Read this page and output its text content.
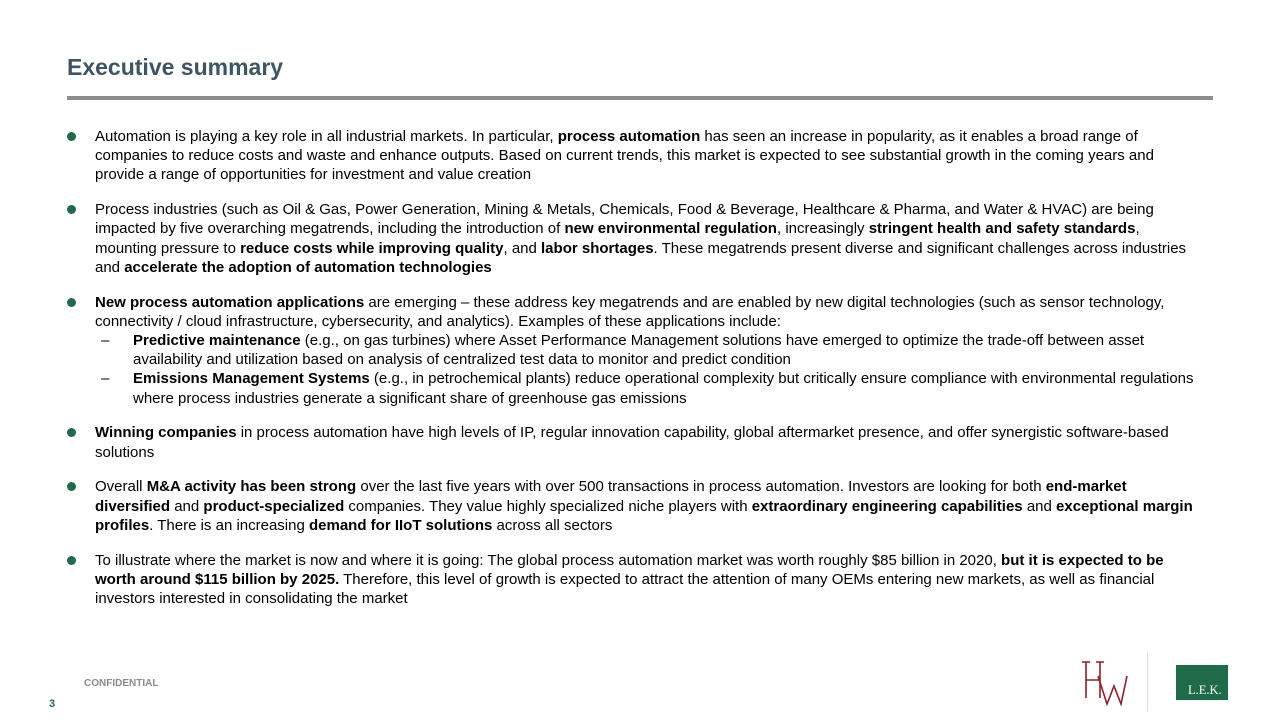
Executive summary
Automation is playing a key role in all industrial markets. In particular, process automation has seen an increase in popularity, as it enables a broad range of companies to reduce costs and waste and enhance outputs. Based on current trends, this market is expected to see substantial growth in the coming years and provide a range of opportunities for investment and value creation
Process industries (such as Oil & Gas, Power Generation, Mining & Metals, Chemicals, Food & Beverage, Healthcare & Pharma, and Water & HVAC) are being impacted by five overarching megatrends, including the introduction of new environmental regulation, increasingly stringent health and safety standards, mounting pressure to reduce costs while improving quality, and labor shortages. These megatrends present diverse and significant challenges across industries and accelerate the adoption of automation technologies
New process automation applications are emerging – these address key megatrends and are enabled by new digital technologies (such as sensor technology, connectivity / cloud infrastructure, cybersecurity, and analytics). Examples of these applications include:
– Predictive maintenance (e.g., on gas turbines) where Asset Performance Management solutions have emerged to optimize the trade-off between asset availability and utilization based on analysis of centralized test data to monitor and predict condition
– Emissions Management Systems (e.g., in petrochemical plants) reduce operational complexity but critically ensure compliance with environmental regulations where process industries generate a significant share of greenhouse gas emissions
Winning companies in process automation have high levels of IP, regular innovation capability, global aftermarket presence, and offer synergistic software-based solutions
Overall M&A activity has been strong over the last five years with over 500 transactions in process automation. Investors are looking for both end-market diversified and product-specialized companies. They value highly specialized niche players with extraordinary engineering capabilities and exceptional margin profiles. There is an increasing demand for IIoT solutions across all sectors
To illustrate where the market is now and where it is going: The global process automation market was worth roughly $85 billion in 2020, but it is expected to be worth around $115 billion by 2025. Therefore, this level of growth is expected to attract the attention of many OEMs entering new markets, as well as financial investors interested in consolidating the market
CONFIDENTIAL
3
L.E.K.
